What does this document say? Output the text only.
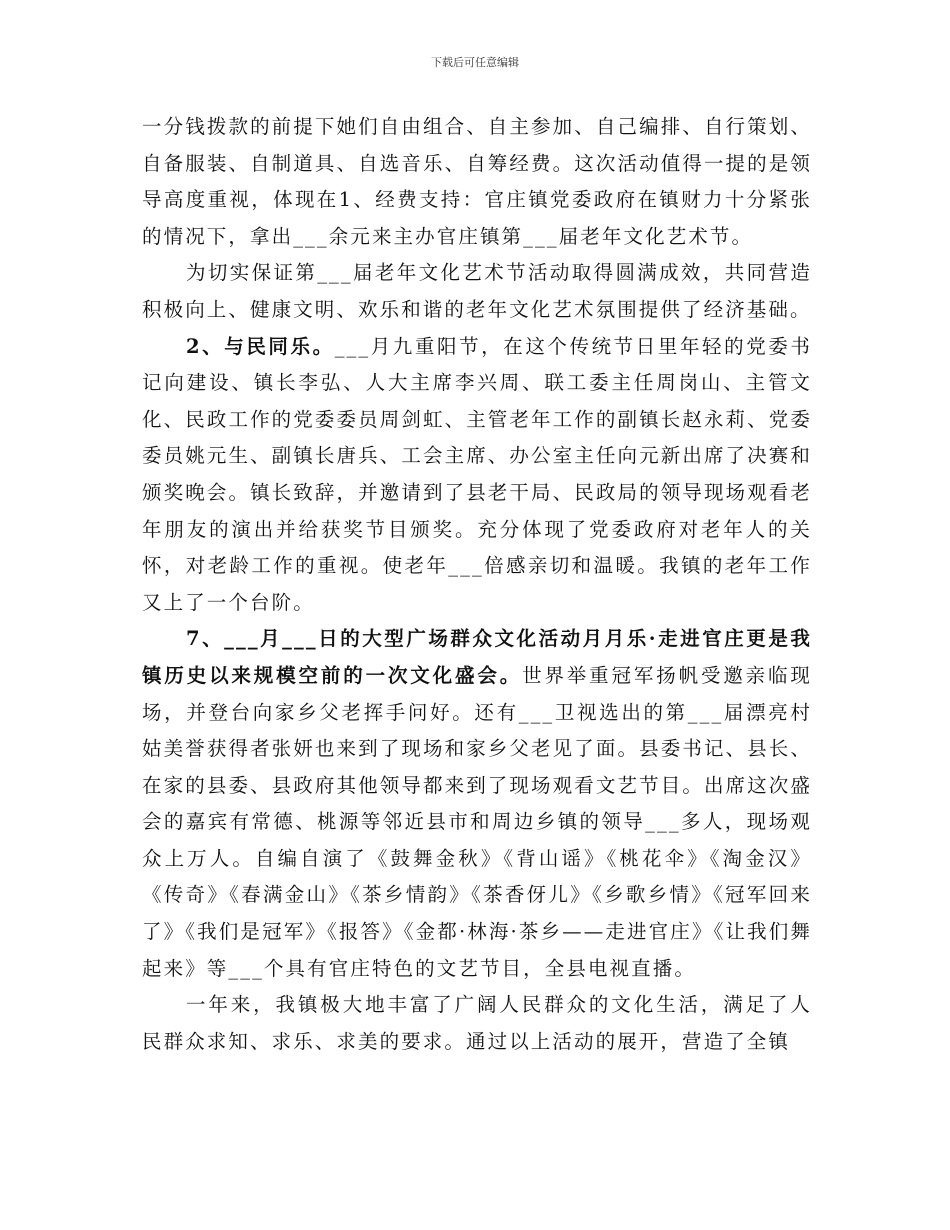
下载后可任意编辑

一分钱拨款的前提下她们自由组合、自主参加、自己编排、自行策划、自备服装、自制道具、自选音乐、自筹经费。这次活动值得一提的是领导高度重视，体现在1、经费支持：官庄镇党委政府在镇财力十分紧张的情况下，拿出___余元来主办官庄镇第___届老年文化艺术节。

为切实保证第___届老年文化艺术节活动取得圆满成效，共同营造积极向上、健康文明、欢乐和谐的老年文化艺术氛围提供了经济基础。

2、与民同乐。___月九重阳节，在这个传统节日里年轻的党委书记向建设、镇长李弘、人大主席李兴周、联工委主任周岗山、主管文化、民政工作的党委委员周剑虹、主管老年工作的副镇长赵永莉、党委委员姚元生、副镇长唐兵、工会主席、办公室主任向元新出席了决赛和颁奖晚会。镇长致辞，并邀请到了县老干局、民政局的领导现场观看老年朋友的演出并给获奖节目颁奖。充分体现了党委政府对老年人的关怀，对老龄工作的重视。使老年___倍感亲切和温暖。我镇的老年工作又上了一个台阶。

7、___月___日的大型广场群众文化活动月月乐·走进官庄更是我镇历史以来规模空前的一次文化盛会。世界举重冠军扬帆受邀亲临现场，并登台向家乡父老挥手问好。还有___卫视选出的第___届漂亮村姑美誉获得者张妍也来到了现场和家乡父老见了面。县委书记、县长、在家的县委、县政府其他领导都来到了现场观看文艺节目。出席这次盛会的嘉宾有常德、桃源等邻近县市和周边乡镇的领导___多人，现场观众上万人。自编自演了《鼓舞金秋》《背山谣》《桃花伞》《淘金汉》《传奇》《春满金山》《茶乡情韵》《茶香伢儿》《乡歌乡情》《冠军回来了》《我们是冠军》《报答》《金都·林海·茶乡——走进官庄》《让我们舞起来》等___个具有官庄特色的文艺节目，全县电视直播。

一年来，我镇极大地丰富了广阔人民群众的文化生活，满足了人民群众求知、求乐、求美的要求。通过以上活动的展开，营造了全镇
